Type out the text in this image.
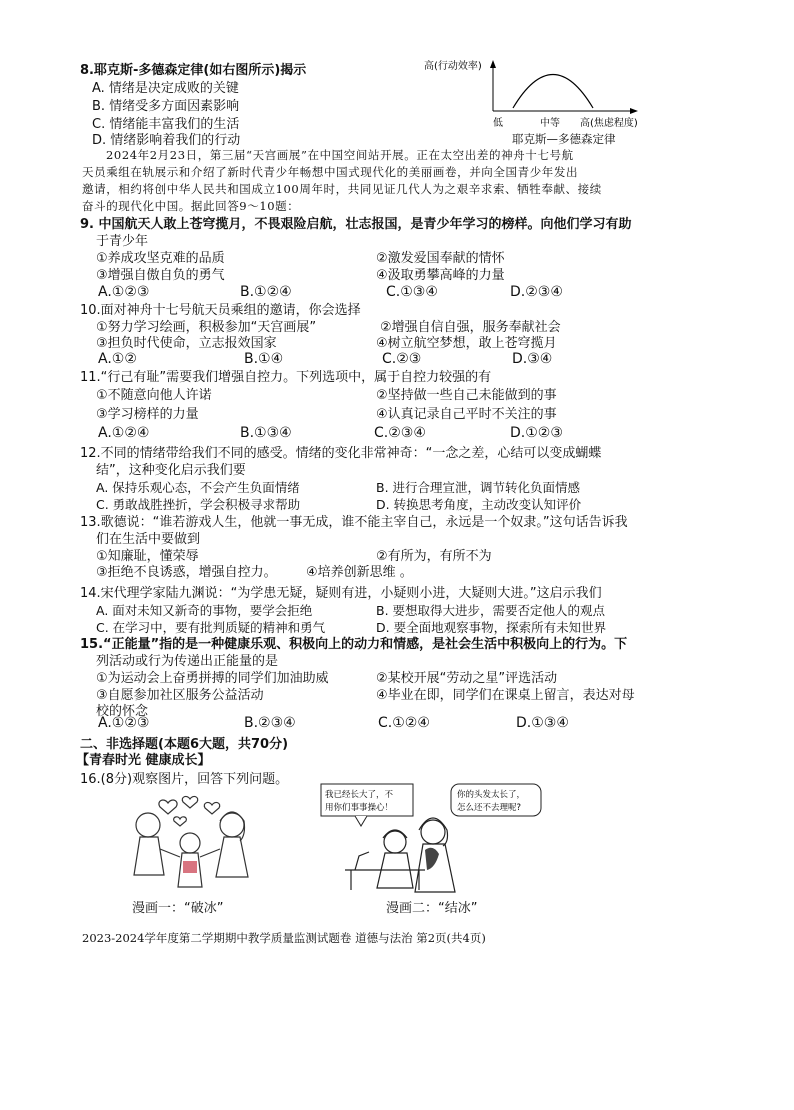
8.耶克斯-多德森定律(如右图所示)揭示
A. 情绪是决定成败的关键
B. 情绪受多方面因素影响
C. 情绪能丰富我们的生活
D. 情绪影响着我们的行动
高(行动效率)
低	中等 高(焦虑程度)
耶克斯—多德森定律
2024年2月23日，第三届“天宫画展”在中国空间站开展。正在太空出差的神舟十七号航
天员乘组在轨展示和介绍了新时代青少年畅想中国式现代化的美丽画卷，并向全国青少年发出
邀请，相约将创中华人民共和国成立100周年时，共同见证几代人为之艰辛求索、牺牲奉献、接续
奋斗的现代化中国。据此回答9～10题：
9. 中国航天人敢上苍穹揽月，不畏艰险启航，壮志报国，是青少年学习的榜样。向他们学习有助
于青少年
①养成攻坚克难的品质	②激发爱国奉献的情怀
③增强自傲自负的勇气	④汲取勇攀高峰的力量
A.①②③	B.①②④	C.①③④	D.②③④
10.面对神舟十七号航天员乘组的邀请，你会选择
①努力学习绘画，积极参加“天宫画展”	②增强自信自强，服务奉献社会
③担负时代使命，立志报效国家	④树立航空梦想，敢上苍穹揽月
A.①②	B.①④	C.②③	D.③④
11.“行己有耻”需要我们增强自控力。下列选项中，属于自控力较强的有
①不随意向他人许诺	②坚持做一些自己未能做到的事
③学习榜样的力量	④认真记录自己平时不关注的事
A.①②④	B.①③④	C.②③④	D.①②③
12.不同的情绪带给我们不同的感受。情绪的变化非常神奇：“一念之差，心结可以变成蝴蝶
结”，这种变化启示我们要
A. 保持乐观心态，不会产生负面情绪	B. 进行合理宣泄，调节转化负面情感
C. 勇敢战胜挫折，学会积极寻求帮助	D. 转换思考角度，主动改变认知评价
13.歌德说：“谁若游戏人生，他就一事无成，谁不能主宰自己，永远是一个奴隶。”这句话告诉我
们在生活中要做到
①知廉耻，懂荣辱	②有所为，有所不为
③拒绝不良诱惑，增强自控力。 ④培养创新思维 。
14.宋代理学家陆九渊说：“为学患无疑，疑则有进，小疑则小进，大疑则大进。”这启示我们
A. 面对未知又新奇的事物，要学会拒绝	B. 要想取得大进步，需要否定他人的观点
C. 在学习中，要有批判质疑的精神和勇气	D. 要全面地观察事物，探索所有未知世界
15.“正能量”指的是一种健康乐观、积极向上的动力和情感，是社会生活中积极向上的行为。下
列活动或行为传递出正能量的是
①为运动会上奋勇拼搏的同学们加油助威	②某校开展“劳动之星”评选活动
③自愿参加社区服务公益活动	④毕业在即，同学们在课桌上留言，表达对母
校的怀念
A.①②③	B.②③④	C.①②④	D.①③④
二、非选择题(本题6大题，共70分)
【青春时光 健康成长】
16.(8分)观察图片，回答下列问题。
我已经长大了，不
用你们事事操心！
你的头发太长了，
怎么还不去理呢?
漫画一：“破冰”	漫画二：“结冰”
2023-2024学年度第二学期期中教学质量监测试题卷 道德与法治 第2页(共4页)
